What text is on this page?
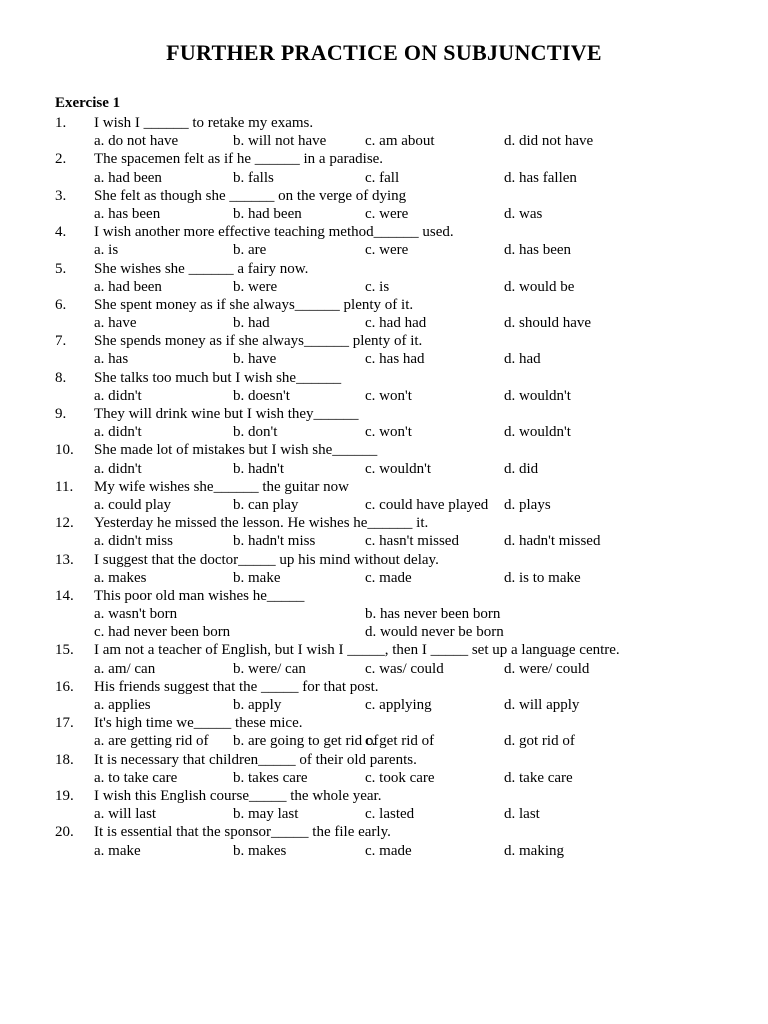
FURTHER PRACTICE ON SUBJUNCTIVE
Exercise 1
1. I wish I ______ to retake my exams.
a. do not have	b. will not have	c. am about	d. did not have
2. The spacemen felt as if he ______ in a paradise.
a. had been	b. falls	c. fall	d. has fallen
3. She felt as though she ______ on the verge of dying
a. has been	b. had been	c. were	d. was
4. I wish another more effective teaching method______ used.
a. is	b. are	c. were	d. has been
5. She wishes she ______ a fairy now.
a. had been	b. were	c. is	d. would be
6. She spent money as if she always______ plenty of it.
a. have	b. had	c. had had	d. should have
7. She spends money as if she always______ plenty of it.
a. has	b. have	c. has had	d. had
8. She talks too much but I wish she______
a. didn't	b. doesn't	c. won't	d. wouldn't
9. They will drink wine but I wish they______
a. didn't	b. don't	c. won't	d. wouldn't
10. She made lot of mistakes but I wish she______
a. didn't	b. hadn't	c. wouldn't	d. did
11. My wife wishes she______ the guitar now
a. could play	b. can play	c. could have played d. plays
12. Yesterday he missed the lesson. He wishes he______ it.
a. didn't miss	b. hadn't miss	c. hasn't missed	d. hadn't missed
13. I suggest that the doctor_____ up his mind without delay.
a. makes	b. make	c. made	d. is to make
14. This poor old man wishes he_____
a. wasn't born	b. has never been born
c. had never been born	d. would never be born
15. I am not a teacher of English, but I wish I _____, then I _____ set up a language centre.
a. am/ can	b. were/ can	c. was/ could	d. were/ could
16. His friends suggest that the _____ for that post.
a. applies	b. apply	c. applying	d. will apply
17. It's high time we_____ these mice.
a. are getting rid of b. are going to get rid of
c. get rid of	d. got rid of
18. It is necessary that children_____ of their old parents.
a. to take care	b. takes care	c. took care	d. take care
19. I wish this English course_____ the whole year.
a. will last	b. may last	c. lasted	d. last
20. It is essential that the sponsor_____ the file early.
a. make	b. makes	c. made	d. making
